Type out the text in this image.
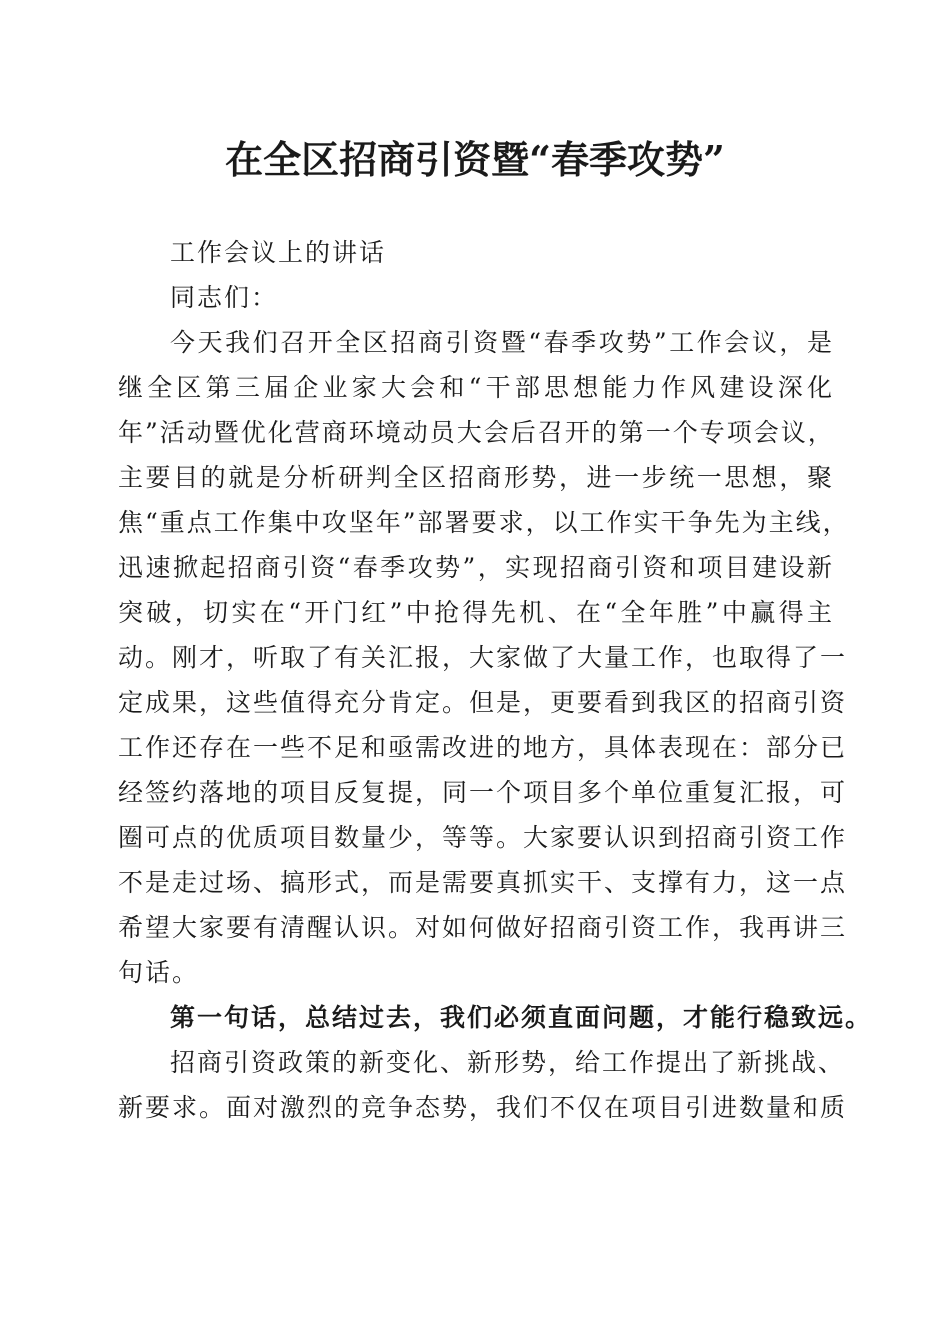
在全区招商引资暨“春季攻势”
工作会议上的讲话
同志们：
今天我们召开全区招商引资暨“春季攻势”工作会议，是
继全区第三届企业家大会和“干部思想能力作风建设深化
年”活动暨优化营商环境动员大会后召开的第一个专项会议，
主要目的就是分析研判全区招商形势，进一步统一思想，聚
焦“重点工作集中攻坚年”部署要求，以工作实干争先为主线，
迅速掀起招商引资“春季攻势”，实现招商引资和项目建设新
突破，切实在“开门红”中抢得先机、在“全年胜”中赢得主
动。刚才，听取了有关汇报，大家做了大量工作，也取得了一
定成果，这些值得充分肯定。但是，更要看到我区的招商引资
工作还存在一些不足和亟需改进的地方，具体表现在：部分已
经签约落地的项目反复提，同一个项目多个单位重复汇报，可
圈可点的优质项目数量少，等等。大家要认识到招商引资工作
不是走过场、搞形式，而是需要真抓实干、支撑有力，这一点
希望大家要有清醒认识。对如何做好招商引资工作，我再讲三
句话。
第一句话，总结过去，我们必须直面问题，才能行稳致远。
招商引资政策的新变化、新形势，给工作提出了新挑战、
新要求。面对激烈的竞争态势，我们不仅在项目引进数量和质
